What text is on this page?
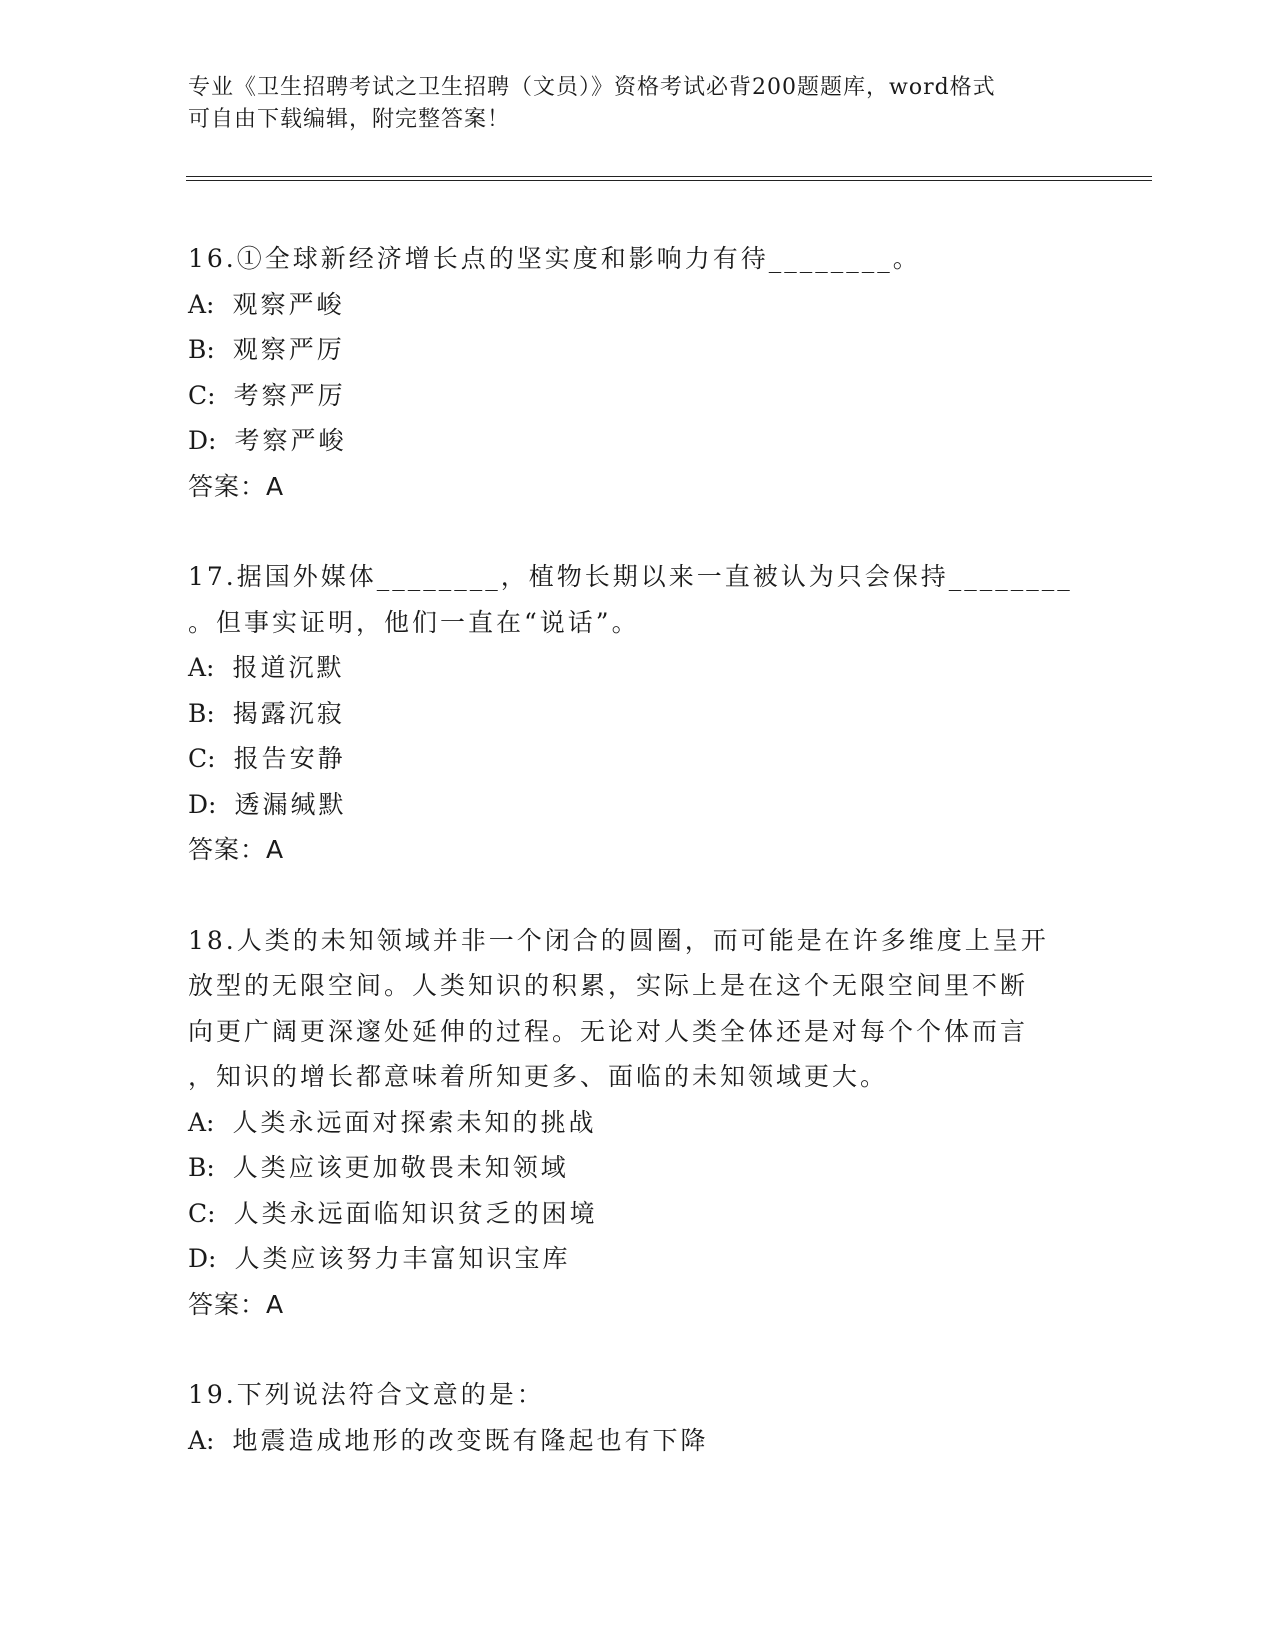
专业《卫生招聘考试之卫生招聘（文员）》资格考试必背200题题库，word格式
可自由下载编辑，附完整答案！
16.①全球新经济增长点的坚实度和影响力有待________。
A: 观察严峻
B: 观察严厉
C: 考察严厉
D: 考察严峻
答案：A
17.据国外媒体________，植物长期以来一直被认为只会保持________
。但事实证明，他们一直在“说话”。
A: 报道沉默
B: 揭露沉寂
C: 报告安静
D: 透漏缄默
答案：A
18.人类的未知领域并非一个闭合的圆圈，而可能是在许多维度上呈开
放型的无限空间。人类知识的积累，实际上是在这个无限空间里不断
向更广阔更深邃处延伸的过程。无论对人类全体还是对每个个体而言
，知识的增长都意味着所知更多、面临的未知领域更大。
A: 人类永远面对探索未知的挑战
B: 人类应该更加敬畏未知领域
C: 人类永远面临知识贫乏的困境
D: 人类应该努力丰富知识宝库
答案：A
19.下列说法符合文意的是：
A: 地震造成地形的改变既有隆起也有下降
